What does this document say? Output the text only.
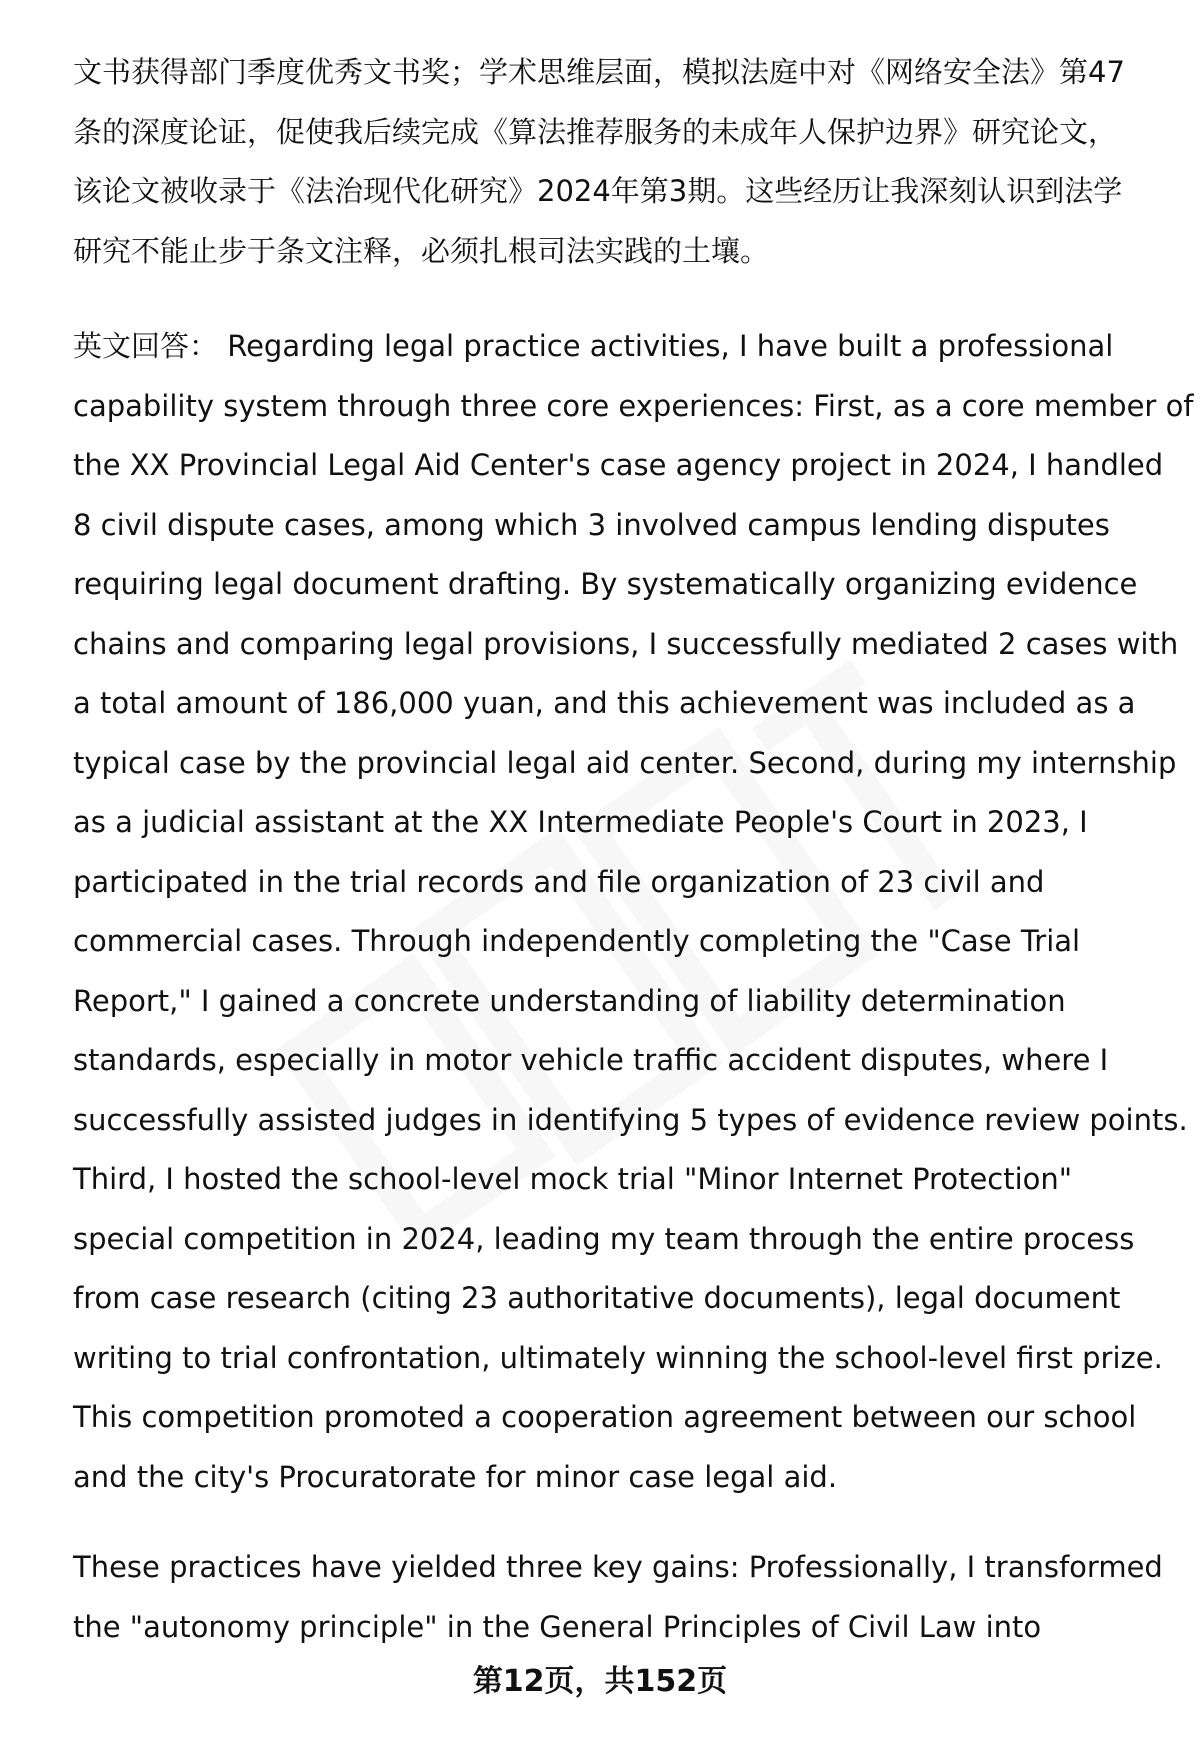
文书获得部门季度优秀文书奖；学术思维层面，模拟法庭中对《网络安全法》第47
条的深度论证，促使我后续完成《算法推荐服务的未成年人保护边界》研究论文，
该论文被收录于《法治现代化研究》2024年第3期。这些经历让我深刻认识到法学
研究不能止步于条文注释，必须扎根司法实践的土壤。
英文回答： Regarding legal practice activities, I have built a professional
capability system through three core experiences: First, as a core member of
the XX Provincial Legal Aid Center's case agency project in 2024, I handled
8 civil dispute cases, among which 3 involved campus lending disputes
requiring legal document drafting. By systematically organizing evidence
chains and comparing legal provisions, I successfully mediated 2 cases with
a total amount of 186,000 yuan, and this achievement was included as a
typical case by the provincial legal aid center. Second, during my internship
as a judicial assistant at the XX Intermediate People's Court in 2023, I
participated in the trial records and file organization of 23 civil and
commercial cases. Through independently completing the "Case Trial
Report," I gained a concrete understanding of liability determination
standards, especially in motor vehicle traffic accident disputes, where I
successfully assisted judges in identifying 5 types of evidence review points.
Third, I hosted the school-level mock trial "Minor Internet Protection"
special competition in 2024, leading my team through the entire process
from case research (citing 23 authoritative documents), legal document
writing to trial confrontation, ultimately winning the school-level first prize.
This competition promoted a cooperation agreement between our school
and the city's Procuratorate for minor case legal aid.
These practices have yielded three key gains: Professionally, I transformed
the "autonomy principle" in the General Principles of Civil Law into
第12页，共152页
